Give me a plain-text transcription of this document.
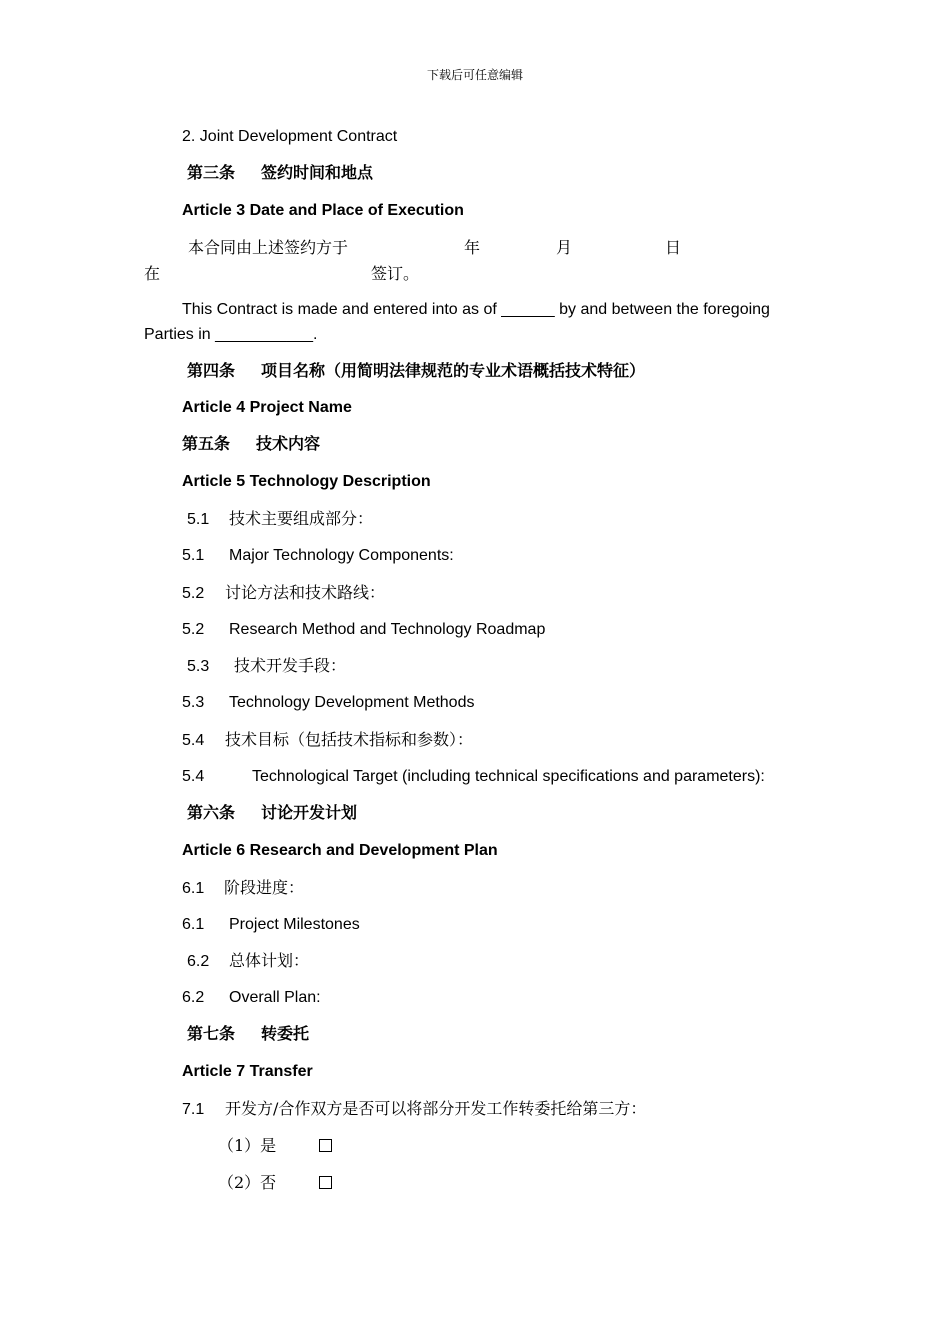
下载后可任意编辑
2. Joint Development Contract
第三条 签约时间和地点
Article 3 Date and Place of Execution
本合同由上述签约方于	年	月	日
在	签订。
This Contract is made and entered into as of ______ by and between the foregoing
Parties in ___________.
第四条 项目名称（用简明法律规范的专业术语概括技术特征）
Article 4 Project Name
第五条 技术内容
Article 5 Technology Description
5.1 技术主要组成部分：
5.1 Major Technology Components:
5.2 讨论方法和技术路线：
5.2 Research Method and Technology Roadmap
5.3 技术开发手段：
5.3 Technology Development Methods
5.4 技术目标（包括技术指标和参数）：
5.4	Technological Target (including technical specifications and parameters):
第六条 讨论开发计划
Article 6 Research and Development Plan
6.1 阶段进度：
6.1 Project Milestones
6.2 总体计划：
6.2 Overall Plan:
第七条 转委托
Article 7 Transfer
7.1 开发方/合作双方是否可以将部分开发工作转委托给第三方：
（1）是
（2）否
